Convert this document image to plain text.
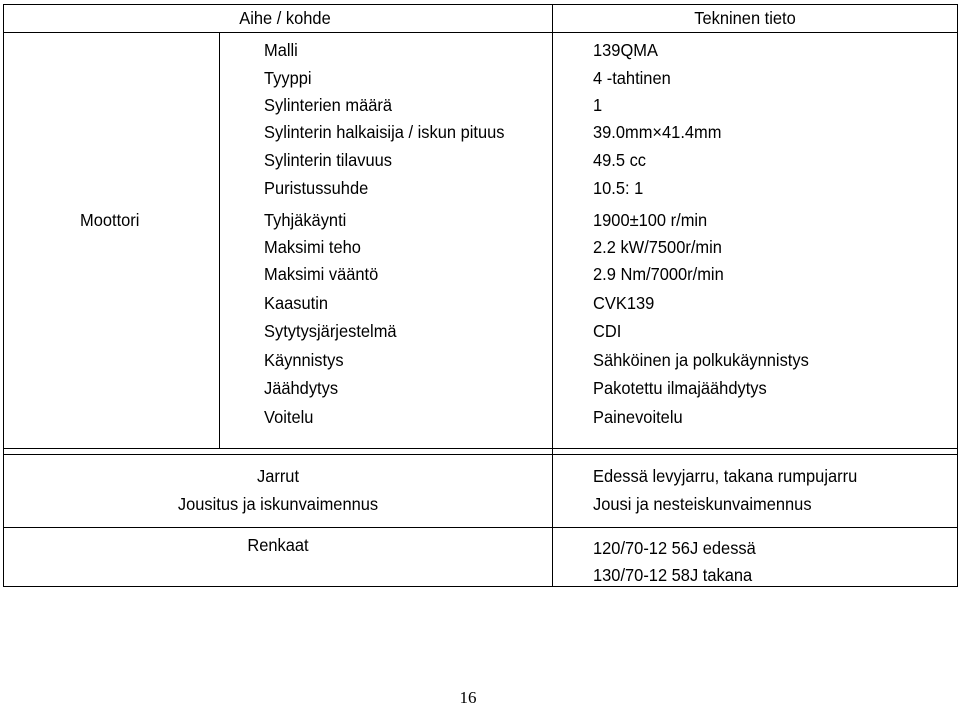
Aihe / kohde	Tekninen tieto
Moottori
Malli
Tyyppi
Sylinterien määrä
Sylinterin halkaisija / iskun pituus
Sylinterin tilavuus
Puristussuhde
Tyhjäkäynti
Maksimi teho
Maksimi vääntö
Kaasutin
Sytytysjärjestelmä
Käynnistys
Jäähdytys
Voitelu
139QMA
4 -tahtinen
1
39.0mm×41.4mm
49.5 cc
10.5: 1
1900±100 r/min
2.2 kW/7500r/min
2.9 Nm/7000r/min
CVK139
CDI
Sähköinen ja polkukäynnistys
Pakotettu ilmajäähdytys
Painevoitelu
Jarrut
Jousitus ja iskunvaimennus
Edessä levyjarru, takana rumpujarru
Jousi ja nesteiskunvaimennus
Renkaat	120/70-12 56J edessä
130/70-12 58J takana
16
